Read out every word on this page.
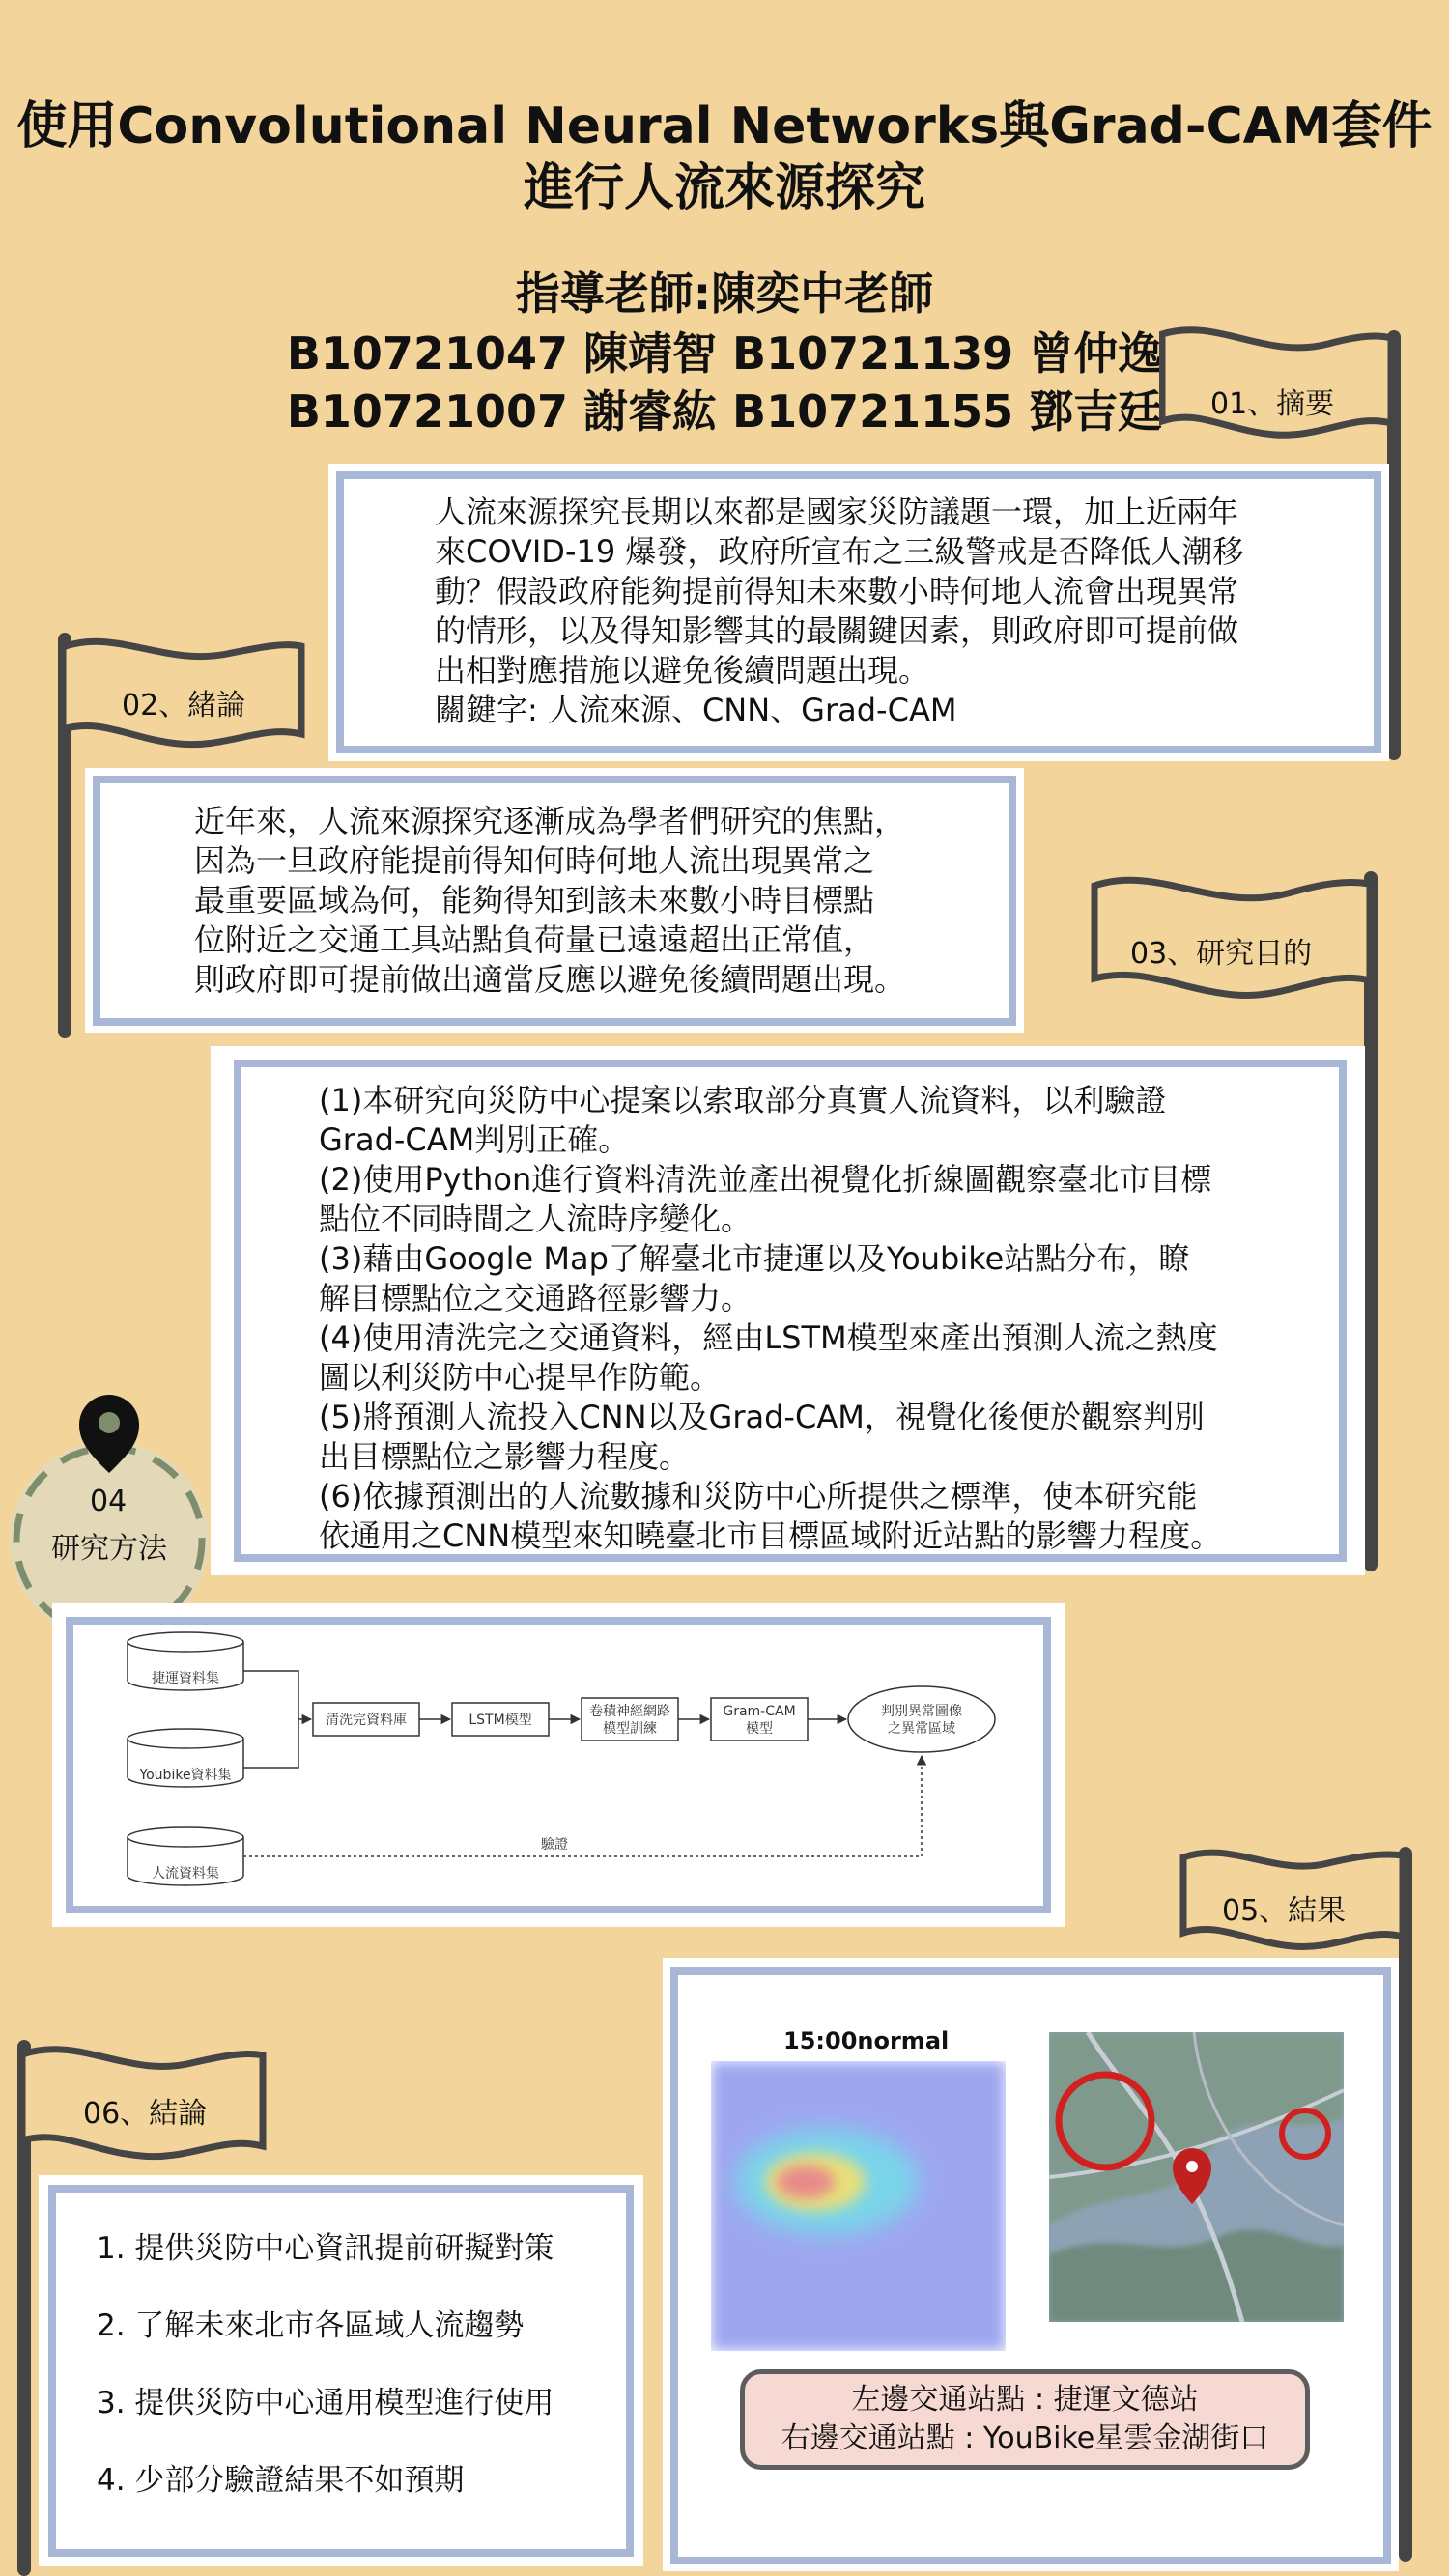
使用Convolutional Neural Networks與Grad-CAM套件
進行人流來源探究
指導老師:陳奕中老師
B10721047 陳靖智 B10721139 曾仲逸
B10721007 謝睿紘 B10721155 鄧吉廷	01、摘要
人流來源探究長期以來都是國家災防議題一環，加上近兩年
來COVID-19 爆發，政府所宣布之三級警戒是否降低人潮移
動？假設政府能夠提前得知未來數小時何地人流會出現異常
的情形，以及得知影響其的最關鍵因素，則政府即可提前做
出相對應措施以避免後續問題出現。
關鍵字: 人流來源、CNN、Grad-CAM
02、緒論
近年來，人流來源探究逐漸成為學者們研究的焦點，
因為一旦政府能提前得知何時何地人流出現異常之
最重要區域為何，能夠得知到該未來數小時目標點
位附近之交通工具站點負荷量已遠遠超出正常值，
則政府即可提前做出適當反應以避免後續問題出現。
03、研究目的
(1)本研究向災防中心提案以索取部分真實人流資料，以利驗證
Grad-CAM判別正確。
(2)使用Python進行資料清洗並產出視覺化折線圖觀察臺北市目標
點位不同時間之人流時序變化。
(3)藉由Google Map了解臺北市捷運以及Youbike站點分布，瞭
解目標點位之交通路徑影響力。
(4)使用清洗完之交通資料，經由LSTM模型來產出預測人流之熱度
圖以利災防中心提早作防範。
(5)將預測人流投入CNN以及Grad-CAM，視覺化後便於觀察判別
出目標點位之影響力程度。
(6)依據預測出的人流數據和災防中心所提供之標準，使本研究能
依通用之CNN模型來知曉臺北市目標區域附近站點的影響力程度。
04
研究方法
捷運資料集
Youbike資料集
人流資料集
清洗完資料庫	LSTM模型
卷積神經網路
模型訓練
Gram-CAM
模型
判別異常圖像
之異常區域
驗證
05、結果
15:00normal
左邊交通站點 : 捷運文德站
右邊交通站點 : YouBike星雲金湖街口
06、結論
1. 提供災防中心資訊提前研擬對策
2. 了解未來北市各區域人流趨勢
3. 提供災防中心通用模型進行使用
4. 少部分驗證結果不如預期
